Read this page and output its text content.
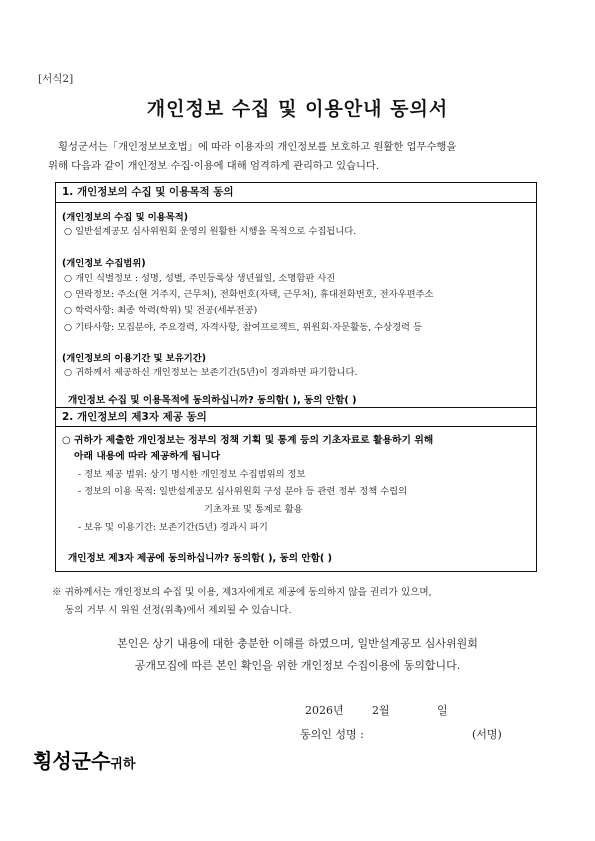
[서식2]
개인정보 수집 및 이용안내 동의서
횡성군서는「개인정보보호법」에 따라 이용자의 개인정보를 보호하고 원활한 업무수행을
위해 다음과 같이 개인정보 수집·이용에 대해 엄격하게 관리하고 있습니다.
1. 개인정보의 수집 및 이용목적 동의
(개인정보의 수집 및 이용목적)
○ 일반설계공모 심사위원회 운영의 원활한 시행을 목적으로 수집됩니다.
(개인정보 수집범위)
○ 개인 식별정보 : 성명, 성별, 주민등록상 생년월일, 소명함판 사진
○ 연락정보: 주소(현 거주지, 근무처), 전화번호(자택, 근무처), 휴대전화번호, 전자우편주소
○ 학력사항: 최종 학력(학위) 및 전공(세부전공)
○ 기타사항: 모집분야, 주요경력, 자격사항, 참여프로젝트, 위원회·자문활동, 수상경력 등
(개인정보의 이용기간 및 보유기간)
○ 귀하께서 제공하신 개인정보는 보존기간(5년)이 경과하면 파기합니다.
개인정보 수집 및 이용목적에 동의하십니까? 동의함( ), 동의 안함( )
2. 개인정보의 제3자 제공 동의
○ 귀하가 제출한 개인정보는 정부의 정책 기획 및 통계 등의 기초자료로 활용하기 위해
아래 내용에 따라 제공하게 됩니다
- 정보 제공 범위: 상기 명시한 개인정보 수집범위의 정보
- 정보의 이용 목적: 일반설계공모 심사위원회 구성 분야 등 관련 정부 정책 수립의
기초자료 및 통계로 활용
- 보유 및 이용기간: 보존기간(5년) 경과시 파기
개인정보 제3자 제공에 동의하십니까? 동의함( ), 동의 안함( )
※ 귀하께서는 개인정보의 수집 및 이용, 제3자에게로 제공에 동의하지 않을 권리가 있으며,
동의 거부 시 위원 선정(위촉)에서 제외될 수 있습니다.
본인은 상기 내용에 대한 충분한 이해를 하였으며, 일반설계공모 심사위원회
공개모집에 따른 본인 확인을 위한 개인정보 수집이용에 동의합니다.
2026년	2월	일
동의인 성명 :	(서명)
횡성군수귀하
